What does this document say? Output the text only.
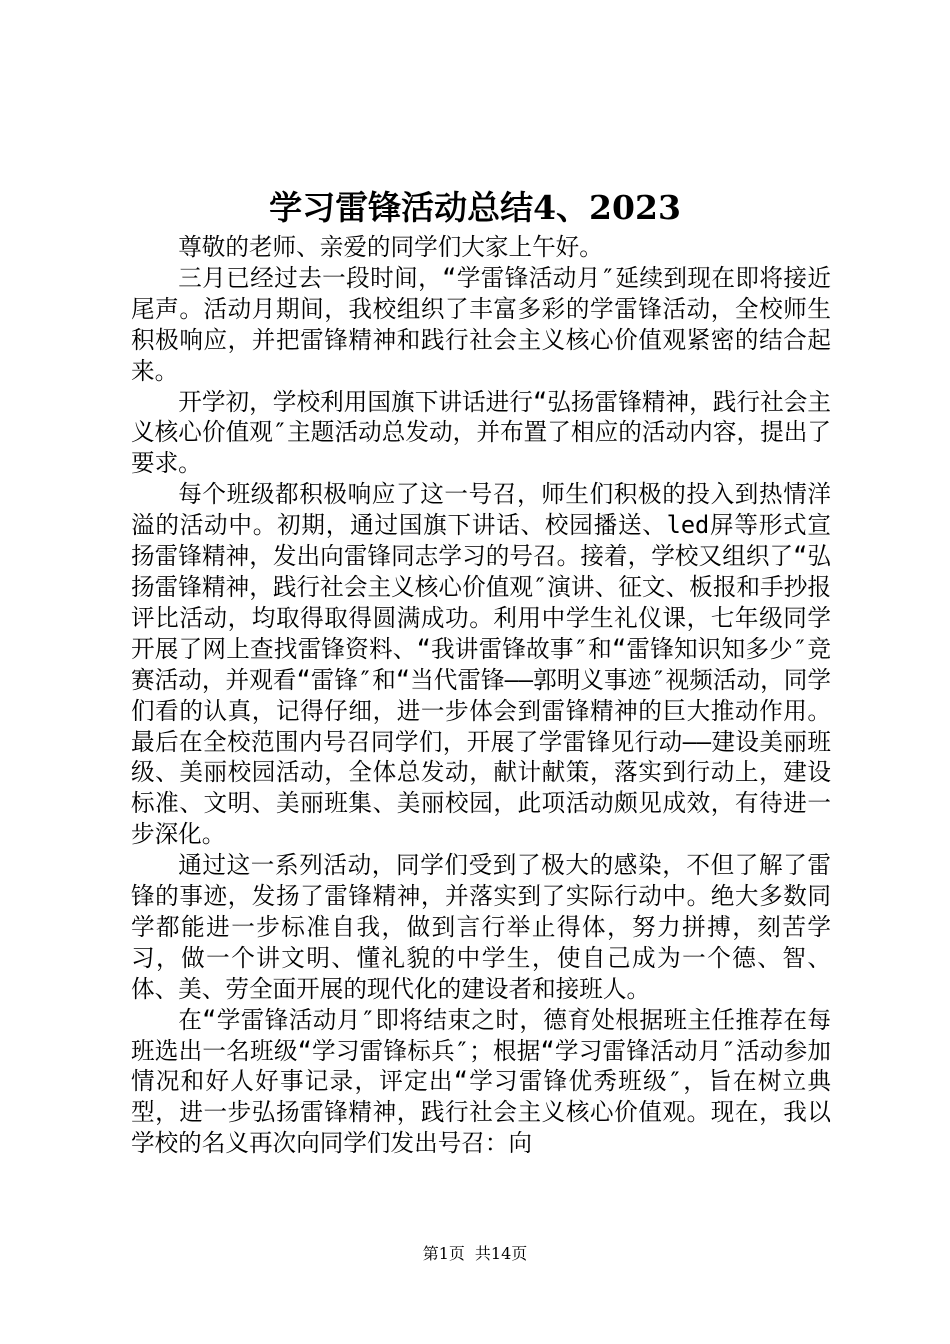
学习雷锋活动总结4、2023

尊敬的老师、亲爱的同学们大家上午好。

三月已经过去一段时间，“学雷锋活动月″延续到现在即将接近尾声。活动月期间，我校组织了丰富多彩的学雷锋活动，全校师生积极响应，并把雷锋精神和践行社会主义核心价值观紧密的结合起来。

开学初，学校利用国旗下讲话进行“弘扬雷锋精神，践行社会主义核心价值观″主题活动总发动，并布置了相应的活动内容，提出了要求。

每个班级都积极响应了这一号召，师生们积极的投入到热情洋溢的活动中。初期，通过国旗下讲话、校园播送、led屏等形式宣扬雷锋精神，发出向雷锋同志学习的号召。接着，学校又组织了“弘扬雷锋精神，践行社会主义核心价值观″演讲、征文、板报和手抄报评比活动，均取得取得圆满成功。利用中学生礼仪课，七年级同学开展了网上查找雷锋资料、“我讲雷锋故事″和“雷锋知识知多少″竞赛活动，并观看“雷锋″和“当代雷锋——郭明义事迹″视频活动，同学们看的认真，记得仔细，进一步体会到雷锋精神的巨大推动作用。最后在全校范围内号召同学们，开展了学雷锋见行动——建设美丽班级、美丽校园活动，全体总发动，献计献策，落实到行动上，建设标准、文明、美丽班集、美丽校园，此项活动颇见成效，有待进一步深化。

通过这一系列活动，同学们受到了极大的感染，不但了解了雷锋的事迹，发扬了雷锋精神，并落实到了实际行动中。绝大多数同学都能进一步标准自我，做到言行举止得体，努力拼搏，刻苦学习，做一个讲文明、懂礼貌的中学生，使自己成为一个德、智、体、美、劳全面开展的现代化的建设者和接班人。

在“学雷锋活动月″即将结束之时，德育处根据班主任推荐在每班选出一名班级“学习雷锋标兵″；根据“学习雷锋活动月″活动参加情况和好人好事记录，评定出“学习雷锋优秀班级″，旨在树立典型，进一步弘扬雷锋精神，践行社会主义核心价值观。现在，我以学校的名义再次向同学们发出号召：向

第1页 共14页
